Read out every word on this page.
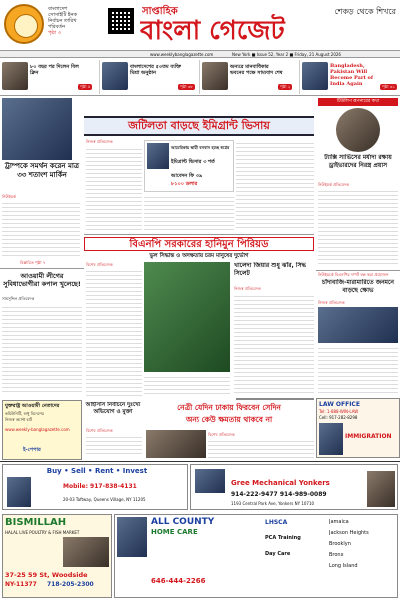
বাংলাদেশ
সোসাইটি ইনক
নির্বাচন তারিখ
পরিবর্তন
পৃষ্ঠা ৩
সাপ্তাহিক	শেকড় থেকে শিখরে
বাংলা গেজেট
www.weeklybanglagazette.com	New York ■ Issue 52, Year 2 ■ Friday, 21 August 2026
৮০ বছর পর দিলেন বিল ক্লিন
পৃষ্ঠা ৫
বাংলাদেশের ৫৩তম ব্যক্তি মিশ্রা অনুষ্ঠান
পৃষ্ঠা ৩৮
অন্যরে মানবাধিকার ভবনের পক্ষে সাম্যবাদ শেষ
পৃষ্ঠা ২
Bangladesh, Pakistan Will Become Part of India Again	পৃষ্ঠা ৩১
ট্রাম্পকে সমর্থন করেন মাত্র ৩৩ শতাংশ মার্কিন
নিউইয়র্ক
বিস্তারিত পৃষ্ঠা ৭
আওয়ামী লীগের সুবিধাভোগীরা কপাল খুলেছে!
সামসুদ্দিন প্রতিবেদক
যুক্তরাষ্ট্র আওয়ামী নেতাদের
কমিউনিটি, শুধু বিদেশের
নিজস্ব অ্যাপ্ট চাট
www.weekly-banglagazette.com
ই-পেপার
জটিলতা বাড়ছে ইমিগ্রান্ট ভিসায়
নিজস্ব প্রতিবেদক
আমেরিকায় স্থায়ী বসবাস হচ্ছে স্বপ্নের
ইমিগ্রান্ট ভিসার ৩ শর্ত
আবেদন ফি ৩৯
৮১০০ ডলার
বিএনপি সরকারের হানিমুন পিরিয়ড
ভুল সিদ্ধান্ত ও অদক্ষতায় চরম মানুষের দুর্ভোগ
বিশেষ প্রতিবেদক	খালেদা জিয়ার শুধু ঝাঁর, সিদ্ধ সিলেট
নিজস্ব প্রতিবেদক
আইসিসি নির্বাচনে দুঃখ্যে অভিযোগ ও মুক্তা
বিশেষ প্রতিবেদক
নেত্রী যেদিন ঢাকায় ফিরবেন সেদিন
অন্য কেউ ক্ষমতায় থাকবে না
বিশেষ প্রতিবেদক
টিউলিপ রূপনারের কথা
ট্যাক্সি সার্ভিসের মর্যাদা রক্ষায় ড্রাইভারদের নিরস্ত্র প্রয়াস
নিউইয়র্ক প্রতিবেদক
নিউইয়র্কে বিএনপির দাপট বন্ধ করা প্রয়োজন
চাঁদাবাজি-মারামারিতে জনমনে বাড়ছে ক্ষোভ
নিজস্ব প্রতিবেদক
LAW OFFICE
Tel: 1-888-WIN-LAW
Cell: 917-282-8298
IMMIGRATION
Buy • Sell • Rent • Invest
Mobile: 917-838-4131
20-03 Taftway, Queens Village, NY 11205
Gree Mechanical Yonkers
914-222-9477 914-989-0089
1193 Central Park Ave, Yonkers NY 10710
BISMILLAH
HALAL LIVE POULTRY & FISH MARKET
37-25 59 St, Woodside
NY-11377	718-205-2300
ALL COUNTY
HOME CARE
646-444-2266
LHSCA
PCA Training
Day Care
Jamaica
Jackson Heights
Brooklyn
Bronx
Long Island
